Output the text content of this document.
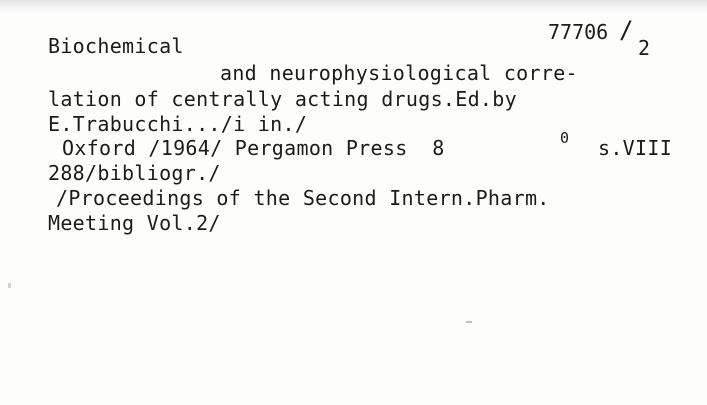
77706 /
2
Biochemical
and neurophysiological corre-
lation of centrally acting drugs.Ed.by
E.Trabucchi.../i in./
Oxford /1964/ Pergamon Press  8	0 s.VIII
288/bibliogr./
/Proceedings of the Second Intern.Pharm.
Meeting Vol.2/
